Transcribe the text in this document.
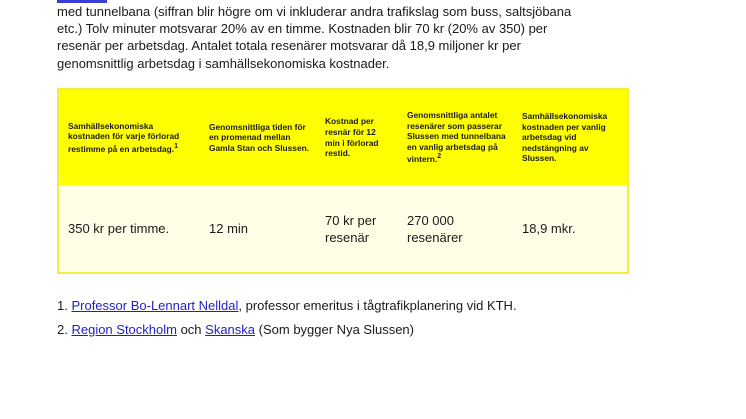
med tunnelbana (siffran blir högre om vi inkluderar andra trafikslag som buss, saltsjöbana
etc.) Tolv minuter motsvarar 20% av en timme. Kostnaden blir 70 kr (20% av 350) per
resenär per arbetsdag. Antalet totala resenärer motsvarar då 18,9 miljoner kr per
genomsnittlig arbetsdag i samhällsekonomiska kostnader.

Samhällsekonomiska kostnaden för varje förlorad restimme på en arbetsdag.$^1$	Genomsnittliga tiden för en promenad mellan Gamla Stan och Slussen.	Kostnad per resnär för 12 min i förlorad restid.	Genomsnittliga antalet resenärer som passerar Slussen med tunnelbana en vanlig arbetsdag på vintern.$^2$	Samhällsekonomiska kostnaden per vanlig arbetsdag vid nedstängning av Slussen.
350 kr per timme.	12 min	70 kr per resenär	270 000 resenärer	18,9 mkr.
1. Professor Bo-Lennart Nelldal, professor emeritus i tågtrafikplanering vid KTH.
2. Region Stockholm och Skanska (Som bygger Nya Slussen)
